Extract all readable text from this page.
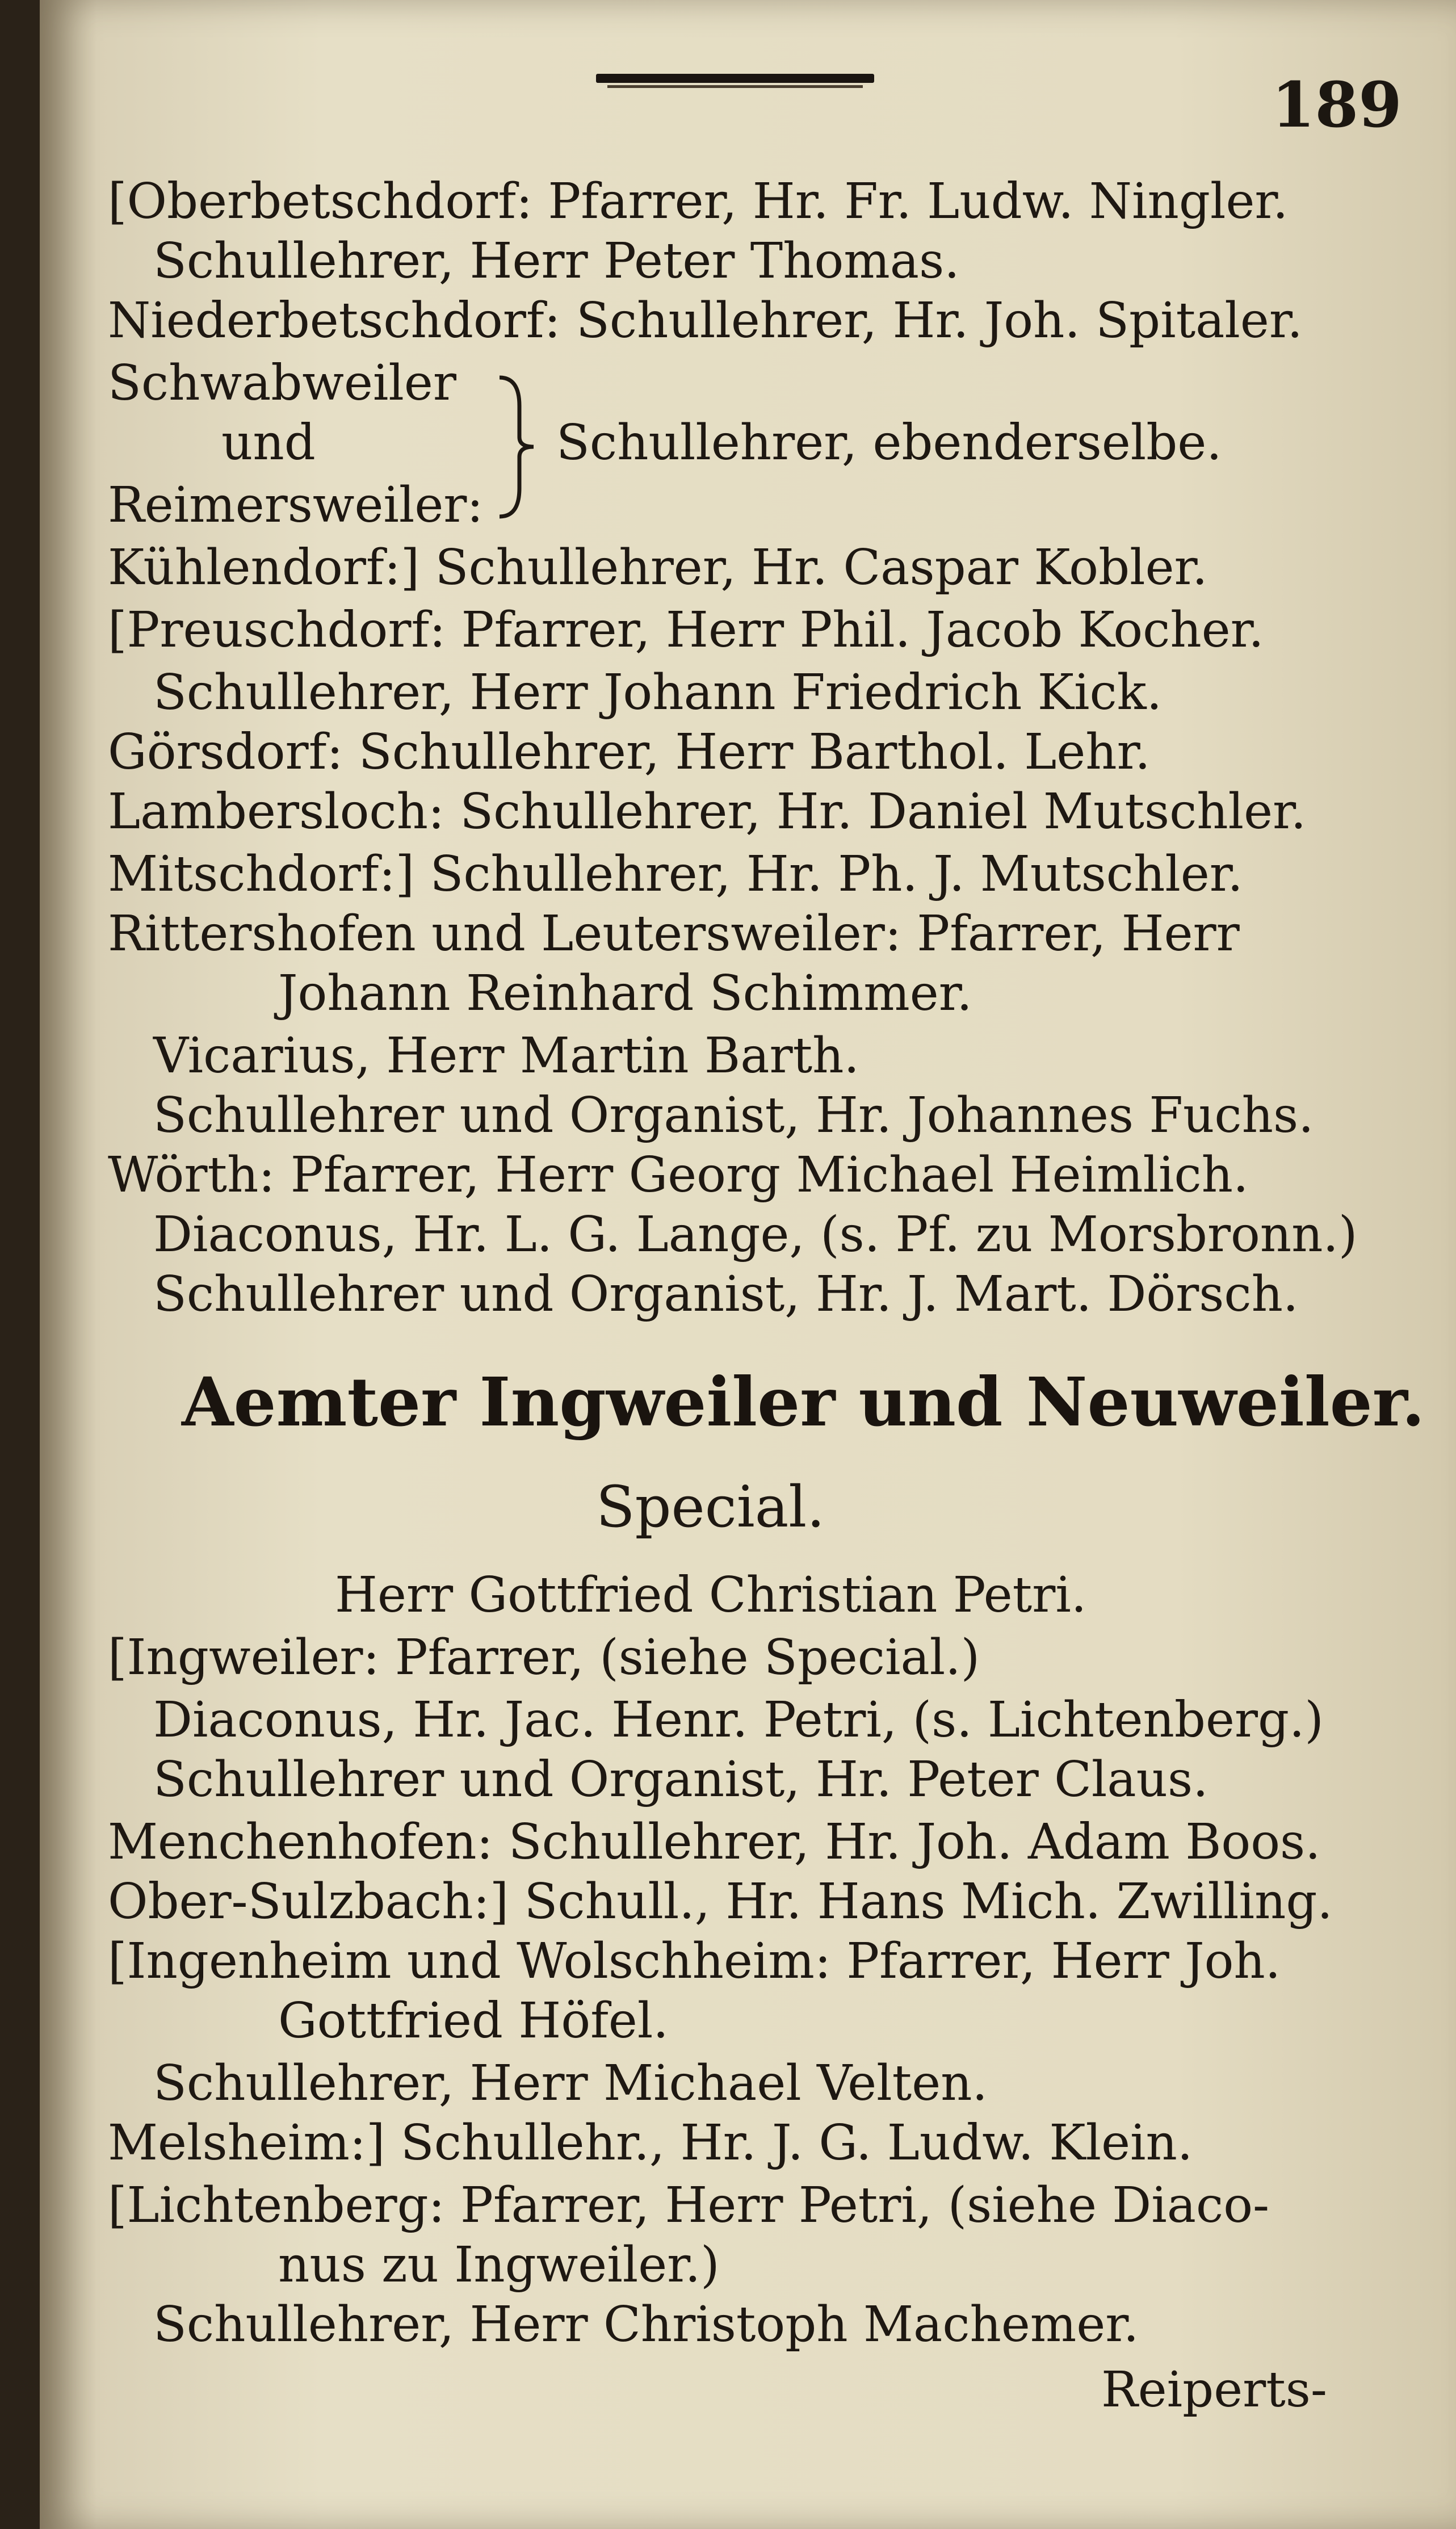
189
[Oberbetschdorf: Pfarrer, Hr. Fr. Ludw. Ningler.
Schullehrer, Herr Peter Thomas.
Niederbetschdorf: Schullehrer, Hr. Joh. Spitaler.
Schwabweiler
und	Schullehrer, ebenderselbe.
Reimersweiler:
Kühlendorf:] Schullehrer, Hr. Caspar Kobler.
[Preuschdorf: Pfarrer, Herr Phil. Jacob Kocher.
Schullehrer, Herr Johann Friedrich Kick.
Görsdorf: Schullehrer, Herr Barthol. Lehr.
Lambersloch: Schullehrer, Hr. Daniel Mutschler.
Mitschdorf:] Schullehrer, Hr. Ph. J. Mutschler.
Rittershofen und Leutersweiler: Pfarrer, Herr
Johann Reinhard Schimmer.
Vicarius, Herr Martin Barth.
Schullehrer und Organist, Hr. Johannes Fuchs.
Wörth: Pfarrer, Herr Georg Michael Heimlich.
Diaconus, Hr. L. G. Lange, (s. Pf. zu Morsbronn.)
Schullehrer und Organist, Hr. J. Mart. Dörsch.
Aemter Ingweiler und Neuweiler.
Special.
Herr Gottfried Christian Petri.
[Ingweiler: Pfarrer, (siehe Special.)
Diaconus, Hr. Jac. Henr. Petri, (s. Lichtenberg.)
Schullehrer und Organist, Hr. Peter Claus.
Menchenhofen: Schullehrer, Hr. Joh. Adam Boos.
Ober-Sulzbach:] Schull., Hr. Hans Mich. Zwilling.
[Ingenheim und Wolschheim: Pfarrer, Herr Joh.
Gottfried Höfel.
Schullehrer, Herr Michael Velten.
Melsheim:] Schullehr., Hr. J. G. Ludw. Klein.
[Lichtenberg: Pfarrer, Herr Petri, (siehe Diaco-
nus zu Ingweiler.)
Schullehrer, Herr Christoph Machemer.
Reiperts-
